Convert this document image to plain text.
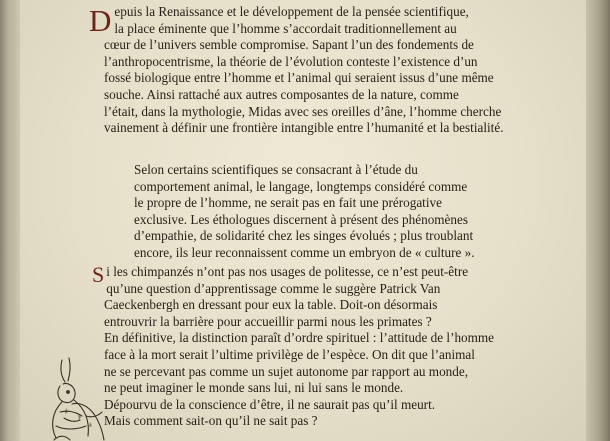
D epuis la Renaissance et le développement de la pensée scientifique,
la place éminente que l’homme s’accordait traditionnellement au
cœur de l’univers semble compromise. Sapant l’un des fondements de
l’anthropocentrisme, la théorie de l’évolution conteste l’existence d’un
fossé biologique entre l’homme et l’animal qui seraient issus d’une même
souche. Ainsi rattaché aux autres composantes de la nature, comme
l’était, dans la mythologie, Midas avec ses oreilles d’âne, l’homme cherche
vainement à définir une frontière intangible entre l’humanité et la bestialité.
Selon certains scientifiques se consacrant à l’étude du
comportement animal, le langage, longtemps considéré comme
le propre de l’homme, ne serait pas en fait une prérogative
exclusive. Les éthologues discernent à présent des phénomènes
d’empathie, de solidarité chez les singes évolués ; plus troublant
encore, ils leur reconnaissent comme un embryon de « culture ».
S i les chimpanzés n’ont pas nos usages de politesse, ce n’est peut-être
qu’une question d’apprentissage comme le suggère Patrick Van
Caeckenbergh en dressant pour eux la table. Doit-on désormais
entrouvrir la barrière pour accueillir parmi nous les primates ?
En définitive, la distinction paraît d’ordre spirituel : l’attitude de l’homme
face à la mort serait l’ultime privilège de l’espèce. On dit que l’animal
ne se percevant pas comme un sujet autonome par rapport au monde,
ne peut imaginer le monde sans lui, ni lui sans le monde.
Dépourvu de la conscience d’être, il ne saurait pas qu’il meurt.
Mais comment sait-on qu’il ne sait pas ?
